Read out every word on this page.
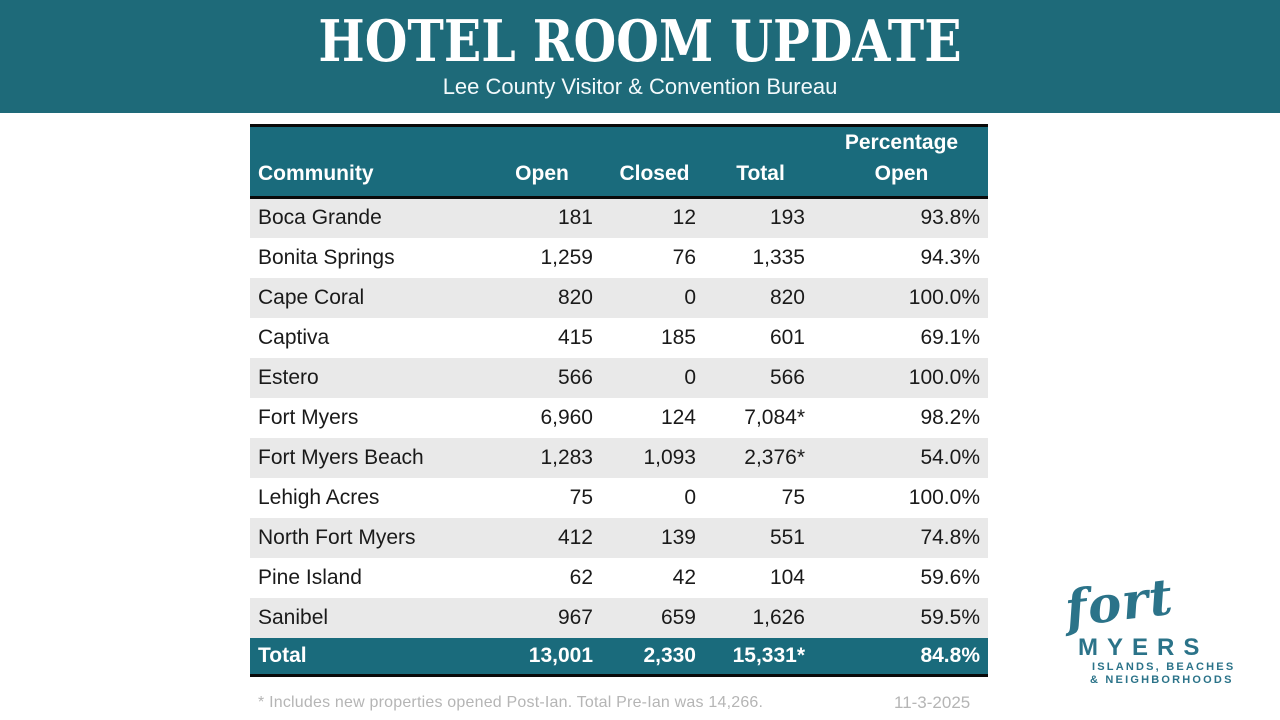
HOTEL ROOM UPDATE
Lee County Visitor & Convention Bureau
Community	Open	Closed	Total	Percentage
Open

Boca Grande	181	12	193	93.8%
Bonita Springs	1,259	76	1,335	94.3%
Cape Coral	820	0	820	100.0%
Captiva	415	185	601	69.1%
Estero	566	0	566	100.0%
Fort Myers	6,960	124	7,084*	98.2%
Fort Myers Beach	1,283	1,093	2,376*	54.0%
Lehigh Acres	75	0	75	100.0%
North Fort Myers	412	139	551	74.8%
Pine Island	62	42	104	59.6%
Sanibel	967	659	1,626	59.5%
Total	13,001	2,330	15,331*	84.8%
* Includes new properties opened Post-Ian. Total Pre-Ian was 14,266.	11-3-2025
fort
MYERS
ISLANDS, BEACHES
& NEIGHBORHOODS
